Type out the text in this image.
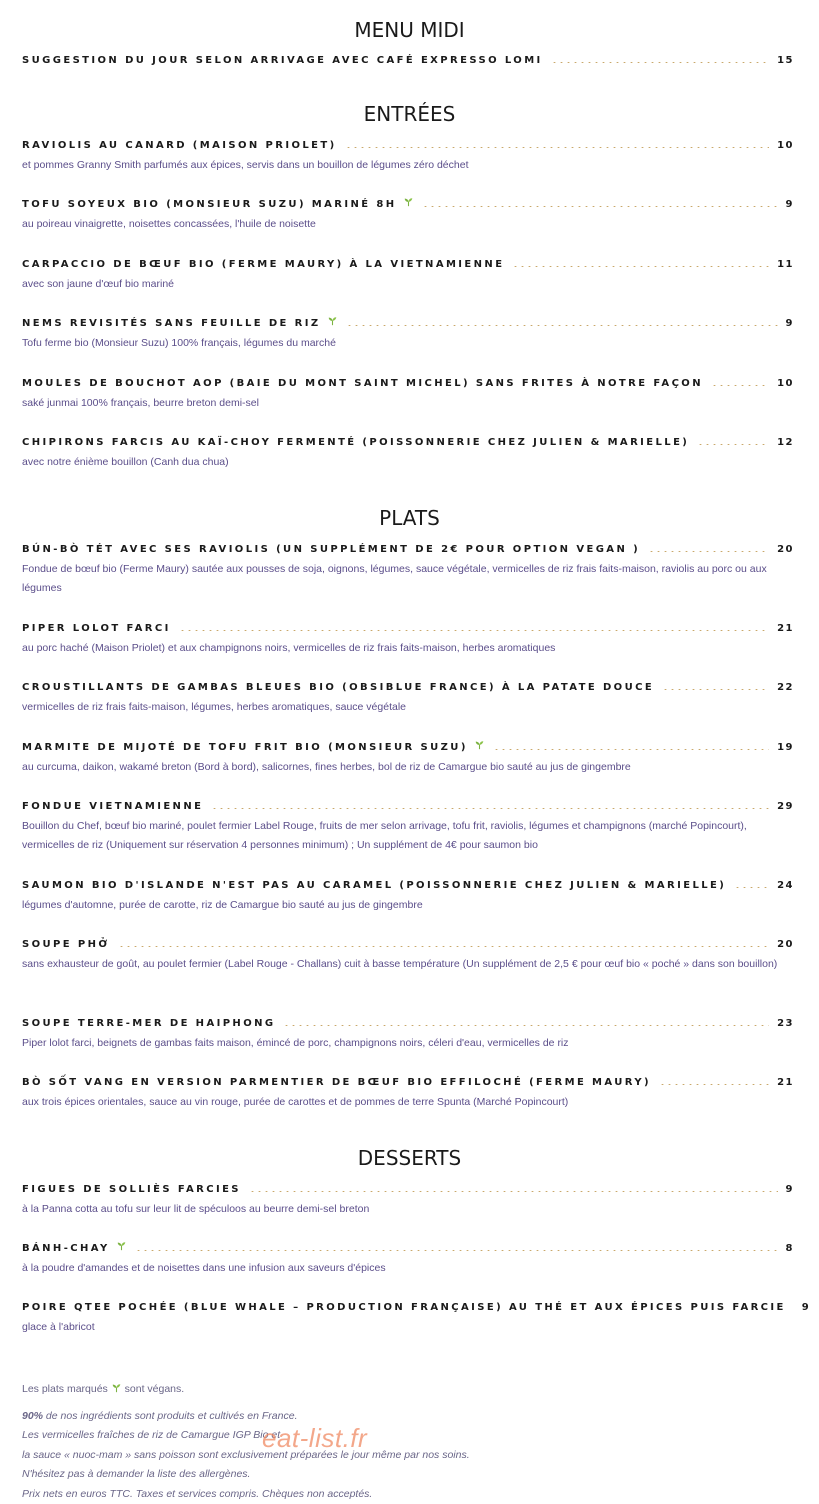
MENU MIDI
SUGGESTION DU JOUR SELON ARRIVAGE AVEC CAFÉ EXPRESSO LOMI	15
ENTRÉES
RAVIOLIS AU CANARD (MAISON PRIOLET)	10
et pommes Granny Smith parfumés aux épices, servis dans un bouillon de légumes zéro déchet
TOFU SOYEUX BIO (MONSIEUR SUZU) MARINÉ 8H	9
au poireau vinaigrette, noisettes concassées, l'huile de noisette
CARPACCIO DE BŒUF BIO (FERME MAURY) À LA VIETNAMIENNE	11
avec son jaune d'œuf bio mariné
NEMS REVISITÉS SANS FEUILLE DE RIZ	9
Tofu ferme bio (Monsieur Suzu) 100% français, légumes du marché
MOULES DE BOUCHOT AOP (BAIE DU MONT SAINT MICHEL) SANS FRITES À NOTRE FAÇON	10
saké junmai 100% français, beurre breton demi-sel
CHIPIRONS FARCIS AU KAÏ-CHOY FERMENTÉ (POISSONNERIE CHEZ JULIEN & MARIELLE)	12
avec notre énième bouillon (Canh dua chua)
PLATS
BÚN-BÒ TÉT AVEC SES RAVIOLIS (UN SUPPLÉMENT DE 2€ POUR OPTION VEGAN )	20
Fondue de bœuf bio (Ferme Maury) sautée aux pousses de soja, oignons, légumes, sauce végétale, vermicelles de riz frais faits-maison, raviolis au porc ou aux légumes
PIPER LOLOT FARCI	21
au porc haché (Maison Priolet) et aux champignons noirs, vermicelles de riz frais faits-maison, herbes aromatiques
CROUSTILLANTS DE GAMBAS BLEUES BIO (OBSIBLUE FRANCE) À LA PATATE DOUCE	22
vermicelles de riz frais faits-maison, légumes, herbes aromatiques, sauce végétale
MARMITE DE MIJOTÉ DE TOFU FRIT BIO (MONSIEUR SUZU)	19
au curcuma, daikon, wakamé breton (Bord à bord), salicornes, fines herbes, bol de riz de Camargue bio sauté au jus de gingembre
FONDUE VIETNAMIENNE	29
Bouillon du Chef, bœuf bio mariné, poulet fermier Label Rouge, fruits de mer selon arrivage, tofu frit, raviolis, légumes et champignons (marché Popincourt), vermicelles de riz (Uniquement sur réservation 4 personnes minimum) ; Un supplément de 4€ pour saumon bio
SAUMON BIO D'ISLANDE N'EST PAS AU CARAMEL (POISSONNERIE CHEZ JULIEN & MARIELLE)	24
légumes d'automne, purée de carotte, riz de Camargue bio sauté au jus de gingembre
SOUPE PHỞ	20
sans exhausteur de goût, au poulet fermier (Label Rouge - Challans) cuit à basse température (Un supplément de 2,5 € pour œuf bio « poché » dans son bouillon)
SOUPE TERRE-MER DE HAIPHONG	23
Piper lolot farci, beignets de gambas faits maison, émincé de porc, champignons noirs, céleri d'eau, vermicelles de riz
BÒ SỐT VANG EN VERSION PARMENTIER DE BŒUF BIO EFFILOCHÉ (FERME MAURY)	21
aux trois épices orientales, sauce au vin rouge, purée de carottes et de pommes de terre Spunta (Marché Popincourt)
DESSERTS
FIGUES DE SOLLIÈS FARCIES	9
à la Panna cotta au tofu sur leur lit de spéculoos au beurre demi-sel breton
BÁNH-CHAY	8
à la poudre d'amandes et de noisettes dans une infusion aux saveurs d'épices
POIRE QTEE POCHÉE (BLUE WHALE – PRODUCTION FRANÇAISE) AU THÉ ET AUX ÉPICES PUIS FARCIE 9
glace à l'abricot
Les plats marqués sont végans.
90% de nos ingrédients sont produits et cultivés en France.
Les vermicelles fraîches de riz de Camargue IGP Bio et
la sauce « nuoc-mam » sans poisson sont exclusivement préparées le jour même par nos soins.
N'hésitez pas à demander la liste des allergènes.
Prix nets en euros TTC. Taxes et services compris. Chèques non acceptés.
eat-list.fr
